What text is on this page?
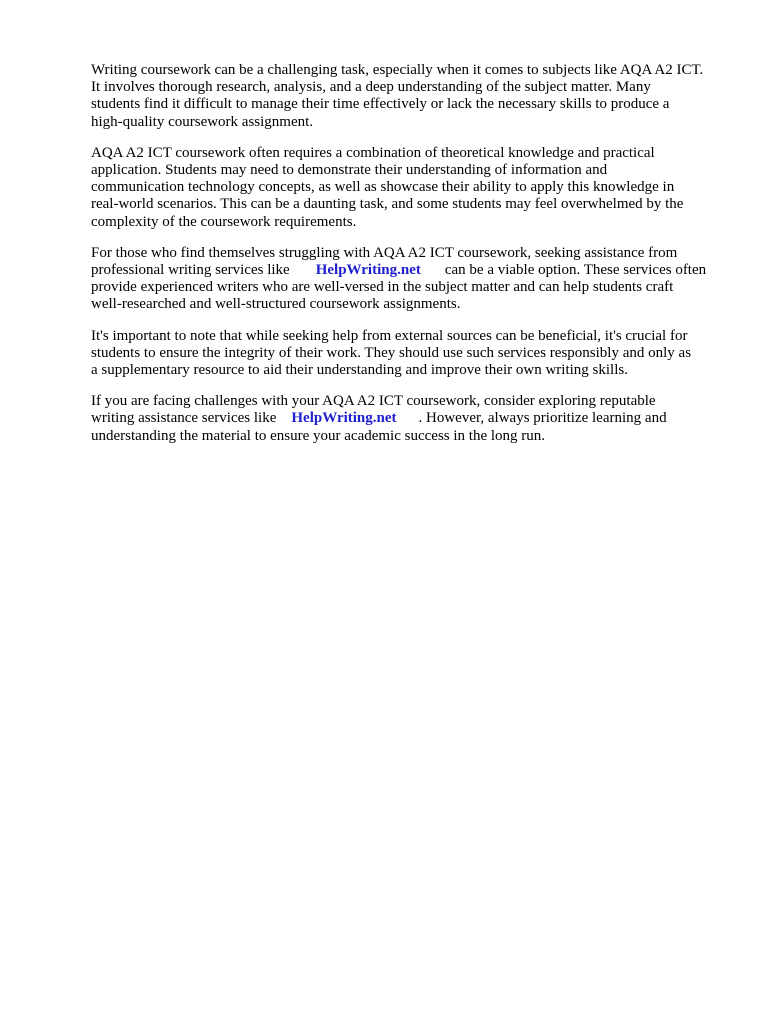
Writing coursework can be a challenging task, especially when it comes to subjects like AQA A2 ICT.
It involves thorough research, analysis, and a deep understanding of the subject matter. Many
students find it difficult to manage their time effectively or lack the necessary skills to produce a
high-quality coursework assignment.

AQA A2 ICT coursework often requires a combination of theoretical knowledge and practical
application. Students may need to demonstrate their understanding of information and
communication technology concepts, as well as showcase their ability to apply this knowledge in
real-world scenarios. This can be a daunting task, and some students may feel overwhelmed by the
complexity of the coursework requirements.

For those who find themselves struggling with AQA A2 ICT coursework, seeking assistance from
professional writing services like HelpWriting.net can be a viable option. These services often
provide experienced writers who are well-versed in the subject matter and can help students craft
well-researched and well-structured coursework assignments.

It's important to note that while seeking help from external sources can be beneficial, it's crucial for
students to ensure the integrity of their work. They should use such services responsibly and only as
a supplementary resource to aid their understanding and improve their own writing skills.

If you are facing challenges with your AQA A2 ICT coursework, consider exploring reputable
writing assistance services like HelpWriting.net . However, always prioritize learning and
understanding the material to ensure your academic success in the long run.
